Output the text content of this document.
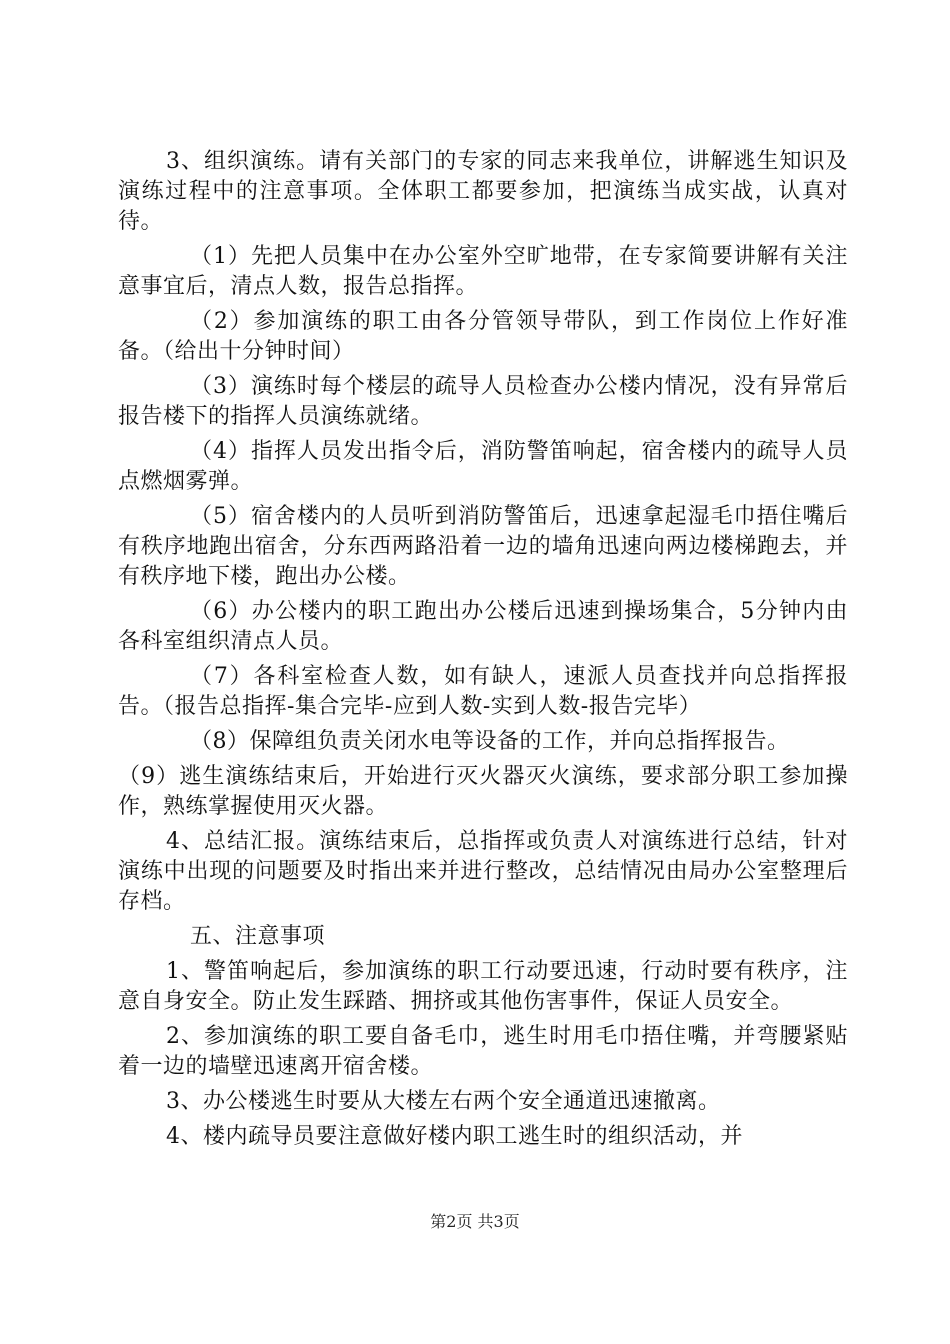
3、组织演练。请有关部门的专家的同志来我单位，讲解逃生知识及演练过程中的注意事项。全体职工都要参加，把演练当成实战，认真对待。

（1）先把人员集中在办公室外空旷地带，在专家简要讲解有关注意事宜后，清点人数，报告总指挥。

（2）参加演练的职工由各分管领导带队，到工作岗位上作好准备。（给出十分钟时间）

（3）演练时每个楼层的疏导人员检查办公楼内情况，没有异常后报告楼下的指挥人员演练就绪。

（4）指挥人员发出指令后，消防警笛响起，宿舍楼内的疏导人员点燃烟雾弹。

（5）宿舍楼内的人员听到消防警笛后，迅速拿起湿毛巾捂住嘴后有秩序地跑出宿舍，分东西两路沿着一边的墙角迅速向两边楼梯跑去，并有秩序地下楼，跑出办公楼。

（6）办公楼内的职工跑出办公楼后迅速到操场集合，5分钟内由各科室组织清点人员。

（7）各科室检查人数，如有缺人，速派人员查找并向总指挥报告。（报告总指挥-集合完毕-应到人数-实到人数-报告完毕）

（8）保障组负责关闭水电等设备的工作，并向总指挥报告。

（9）逃生演练结束后，开始进行灭火器灭火演练，要求部分职工参加操作，熟练掌握使用灭火器。

4、总结汇报。演练结束后，总指挥或负责人对演练进行总结，针对演练中出现的问题要及时指出来并进行整改，总结情况由局办公室整理后存档。

五、注意事项

1、警笛响起后，参加演练的职工行动要迅速，行动时要有秩序，注意自身安全。防止发生踩踏、拥挤或其他伤害事件，保证人员安全。

2、参加演练的职工要自备毛巾，逃生时用毛巾捂住嘴，并弯腰紧贴着一边的墙壁迅速离开宿舍楼。

3、办公楼逃生时要从大楼左右两个安全通道迅速撤离。

4、楼内疏导员要注意做好楼内职工逃生时的组织活动，并

第2页 共3页
